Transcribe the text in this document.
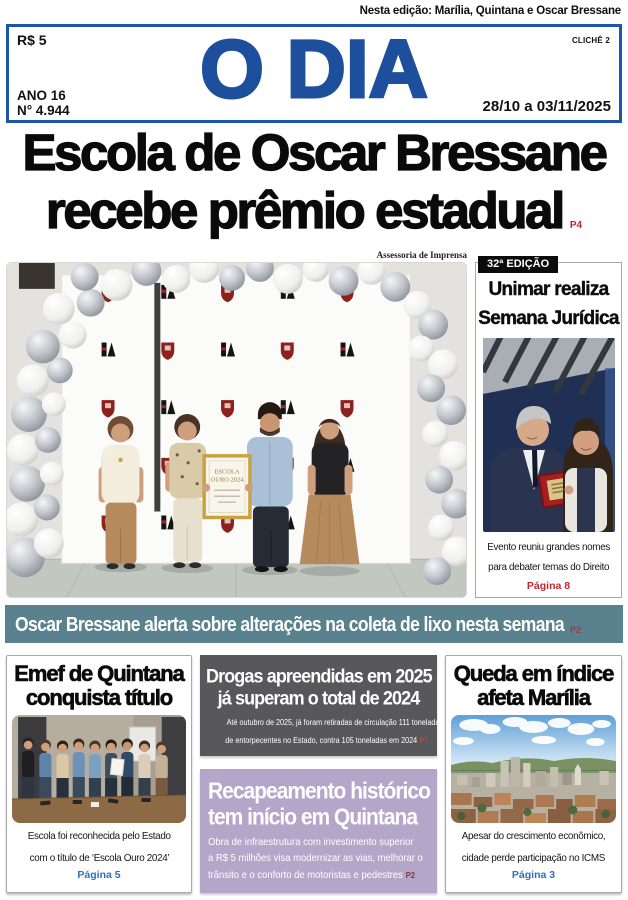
Nesta edição: Marília, Quintana e Oscar Bressane
R$ 5	CLICHÊ 2
O DIA
ANO 16
N° 4.944	28/10 a 03/11/2025
Escola de Oscar Bressane
recebe prêmio estadual P4
Assessoria de Imprensa
ESCOLA
OURO 2024
32ª EDIÇÃO
Unimar realiza
Semana Jurídica
Evento reuniu grandes nomes
para debater temas do Direito
Página 8
Oscar Bressane alerta sobre alterações na coleta de lixo nesta semana P2
Emef de Quintana
conquista título
Escola foi reconhecida pelo Estado
com o título de ‘Escola Ouro 2024’
Página 5
Drogas apreendidas em 2025
já superam o total de 2024
Até outubro de 2025, já foram retiradas de circulação 111 toneladas
de entorpecentes no Estado, contra 105 toneladas em 2024 P7
Recapeamento histórico
tem início em Quintana
Obra de infraestrutura com investimento superior
a R$ 5 milhões visa modernizar as vias, melhorar o
trânsito e o conforto de motoristas e pedestres P2
Queda em índice
afeta Marília
Apesar do crescimento econômico,
cidade perde participação no ICMS
Página 3
